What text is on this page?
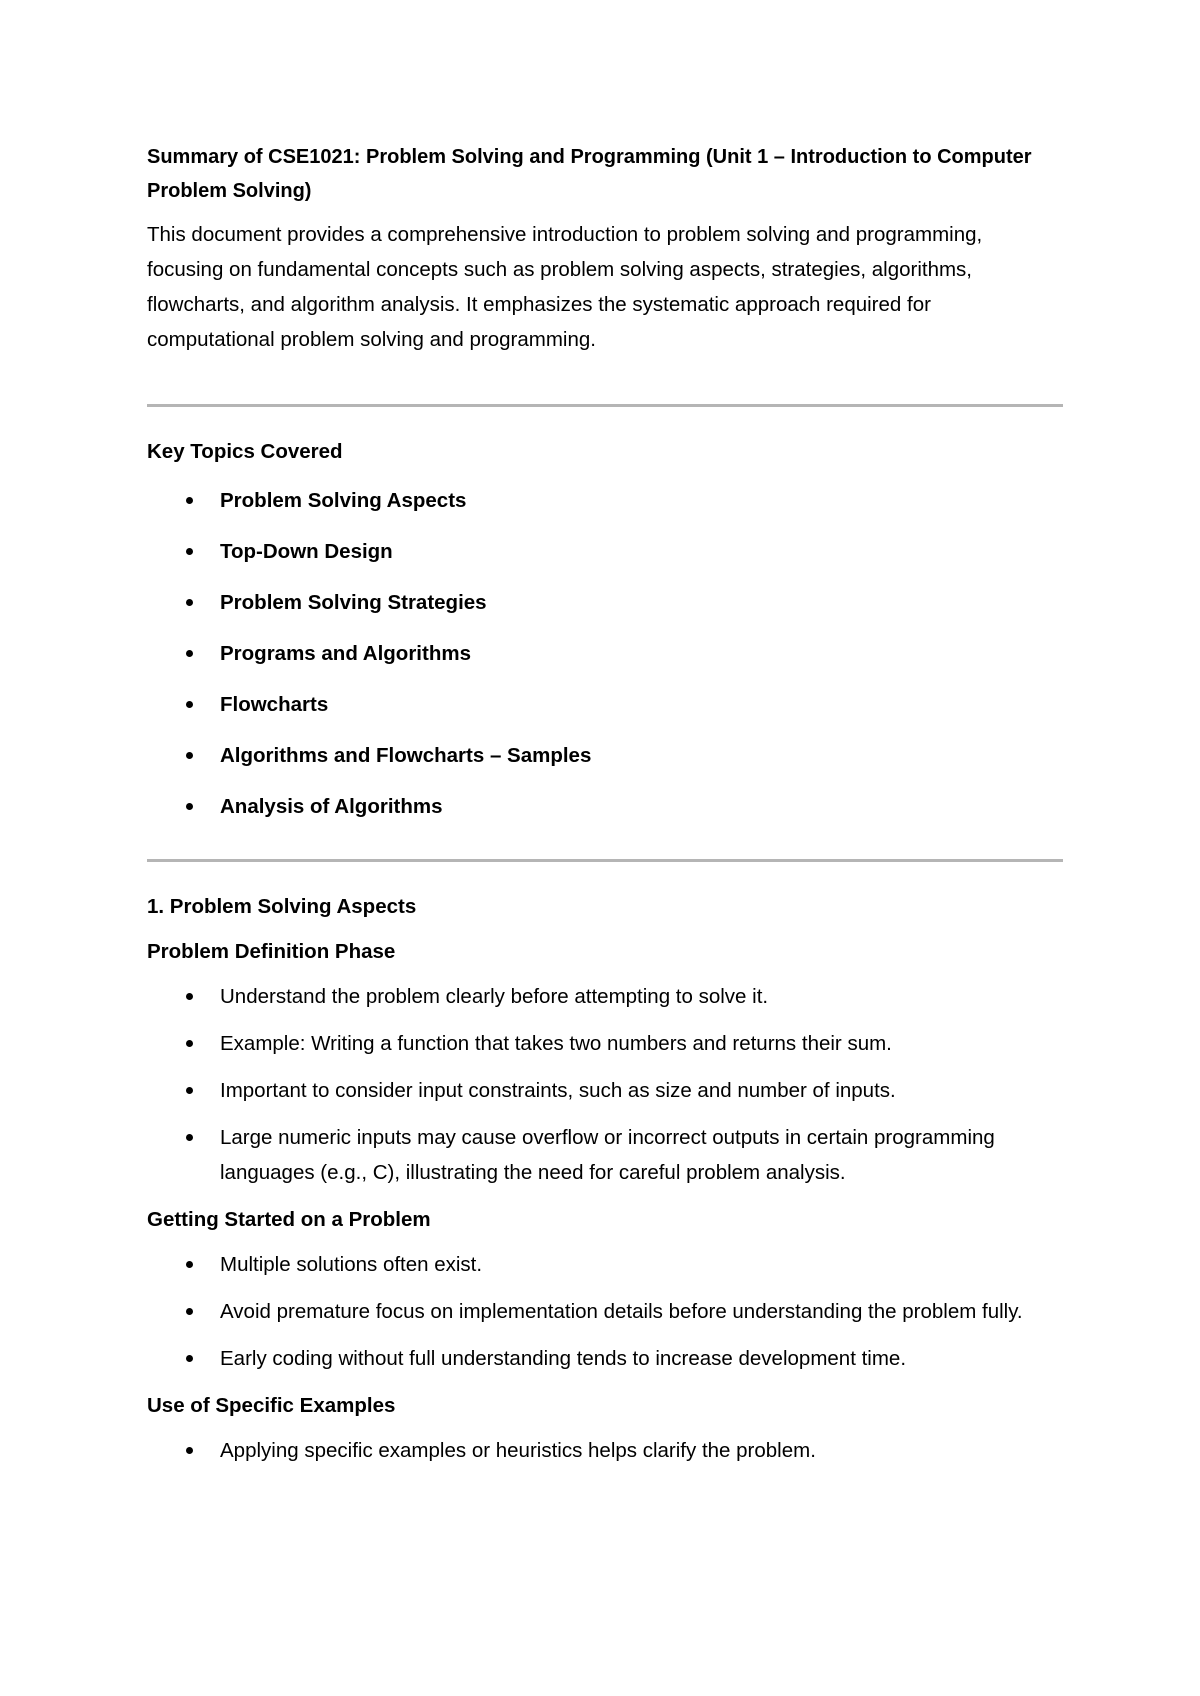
Summary of CSE1021: Problem Solving and Programming (Unit 1 – Introduction to Computer Problem Solving)

This document provides a comprehensive introduction to problem solving and programming, focusing on fundamental concepts such as problem solving aspects, strategies, algorithms, flowcharts, and algorithm analysis. It emphasizes the systematic approach required for computational problem solving and programming.

Key Topics Covered

Problem Solving Aspects
Top-Down Design
Problem Solving Strategies
Programs and Algorithms
Flowcharts
Algorithms and Flowcharts – Samples
Analysis of Algorithms

1. Problem Solving Aspects

Problem Definition Phase

Understand the problem clearly before attempting to solve it.
Example: Writing a function that takes two numbers and returns their sum.
Important to consider input constraints, such as size and number of inputs.
Large numeric inputs may cause overflow or incorrect outputs in certain programming languages (e.g., C), illustrating the need for careful problem analysis.

Getting Started on a Problem

Multiple solutions often exist.
Avoid premature focus on implementation details before understanding the problem fully.
Early coding without full understanding tends to increase development time.

Use of Specific Examples

Applying specific examples or heuristics helps clarify the problem.
